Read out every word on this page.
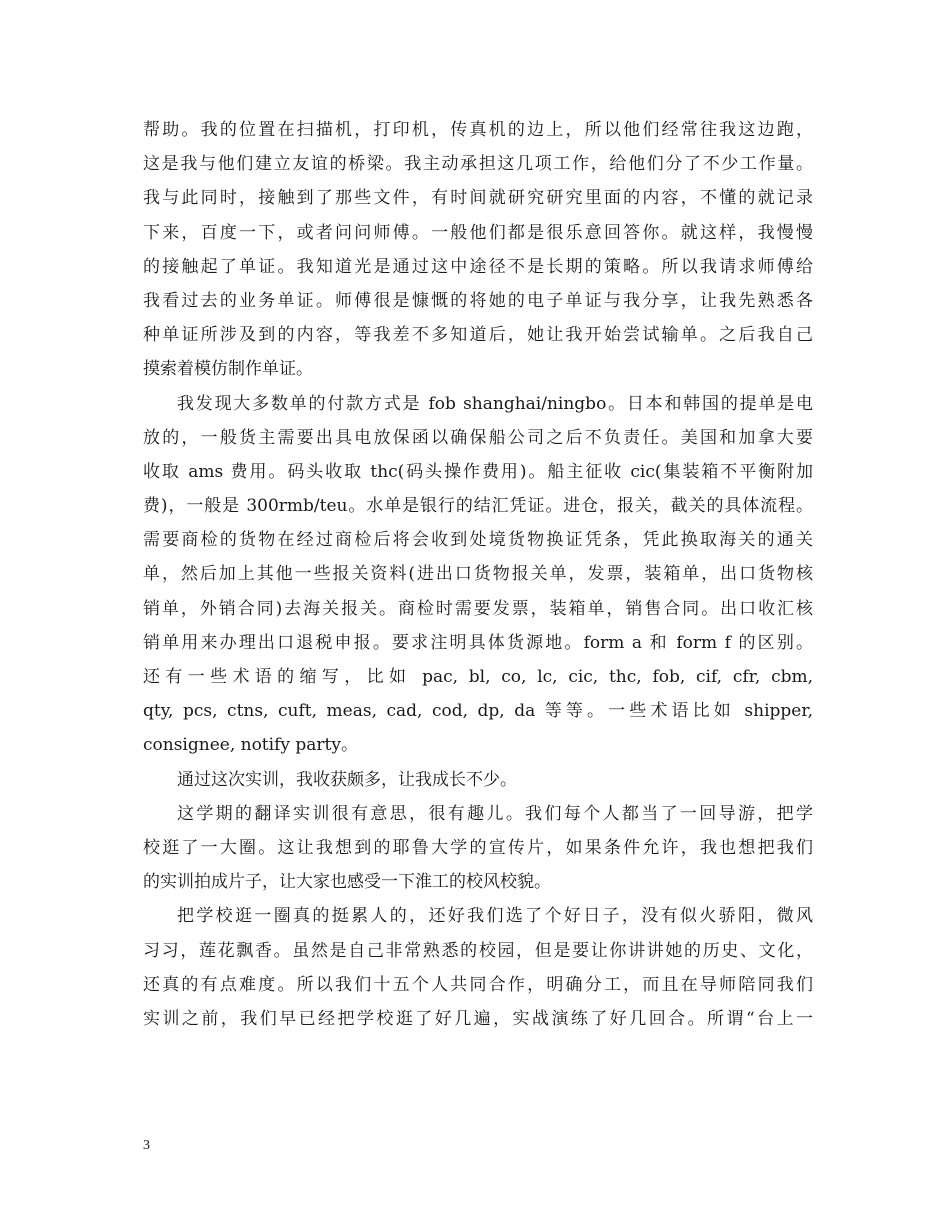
帮助。我的位置在扫描机，打印机，传真机的边上，所以他们经常往我这边跑，
这是我与他们建立友谊的桥梁。我主动承担这几项工作，给他们分了不少工作量。
我与此同时，接触到了那些文件，有时间就研究研究里面的内容，不懂的就记录
下来，百度一下，或者问问师傅。一般他们都是很乐意回答你。就这样，我慢慢
的接触起了单证。我知道光是通过这中途径不是长期的策略。所以我请求师傅给
我看过去的业务单证。师傅很是慷慨的将她的电子单证与我分享，让我先熟悉各
种单证所涉及到的内容，等我差不多知道后，她让我开始尝试输单。之后我自己
摸索着模仿制作单证。
我发现大多数单的付款方式是 fob shanghai/ningbo。日本和韩国的提单是电
放的，一般货主需要出具电放保函以确保船公司之后不负责任。美国和加拿大要
收取 ams 费用。码头收取 thc(码头操作费用)。船主征收 cic(集装箱不平衡附加
费)，一般是 300rmb/teu。水单是银行的结汇凭证。进仓，报关，截关的具体流程。
需要商检的货物在经过商检后将会收到处境货物换证凭条，凭此换取海关的通关
单，然后加上其他一些报关资料(进出口货物报关单，发票，装箱单，出口货物核
销单，外销合同)去海关报关。商检时需要发票，装箱单，销售合同。出口收汇核
销单用来办理出口退税申报。要求注明具体货源地。form a 和 form f 的区别。
还有一些术语的缩写，比如 pac, bl, co, lc, cic, thc, fob, cif, cfr, cbm,
qty, pcs, ctns, cuft, meas, cad, cod, dp, da 等等。一些术语比如 shipper,
consignee, notify party。
通过这次实训，我收获颇多，让我成长不少。
这学期的翻译实训很有意思，很有趣儿。我们每个人都当了一回导游，把学
校逛了一大圈。这让我想到的耶鲁大学的宣传片，如果条件允许，我也想把我们
的实训拍成片子，让大家也感受一下淮工的校风校貌。
把学校逛一圈真的挺累人的，还好我们选了个好日子，没有似火骄阳，微风
习习，莲花飘香。虽然是自己非常熟悉的校园，但是要让你讲讲她的历史、文化，
还真的有点难度。所以我们十五个人共同合作，明确分工，而且在导师陪同我们
实训之前，我们早已经把学校逛了好几遍，实战演练了好几回合。所谓“台上一
3
